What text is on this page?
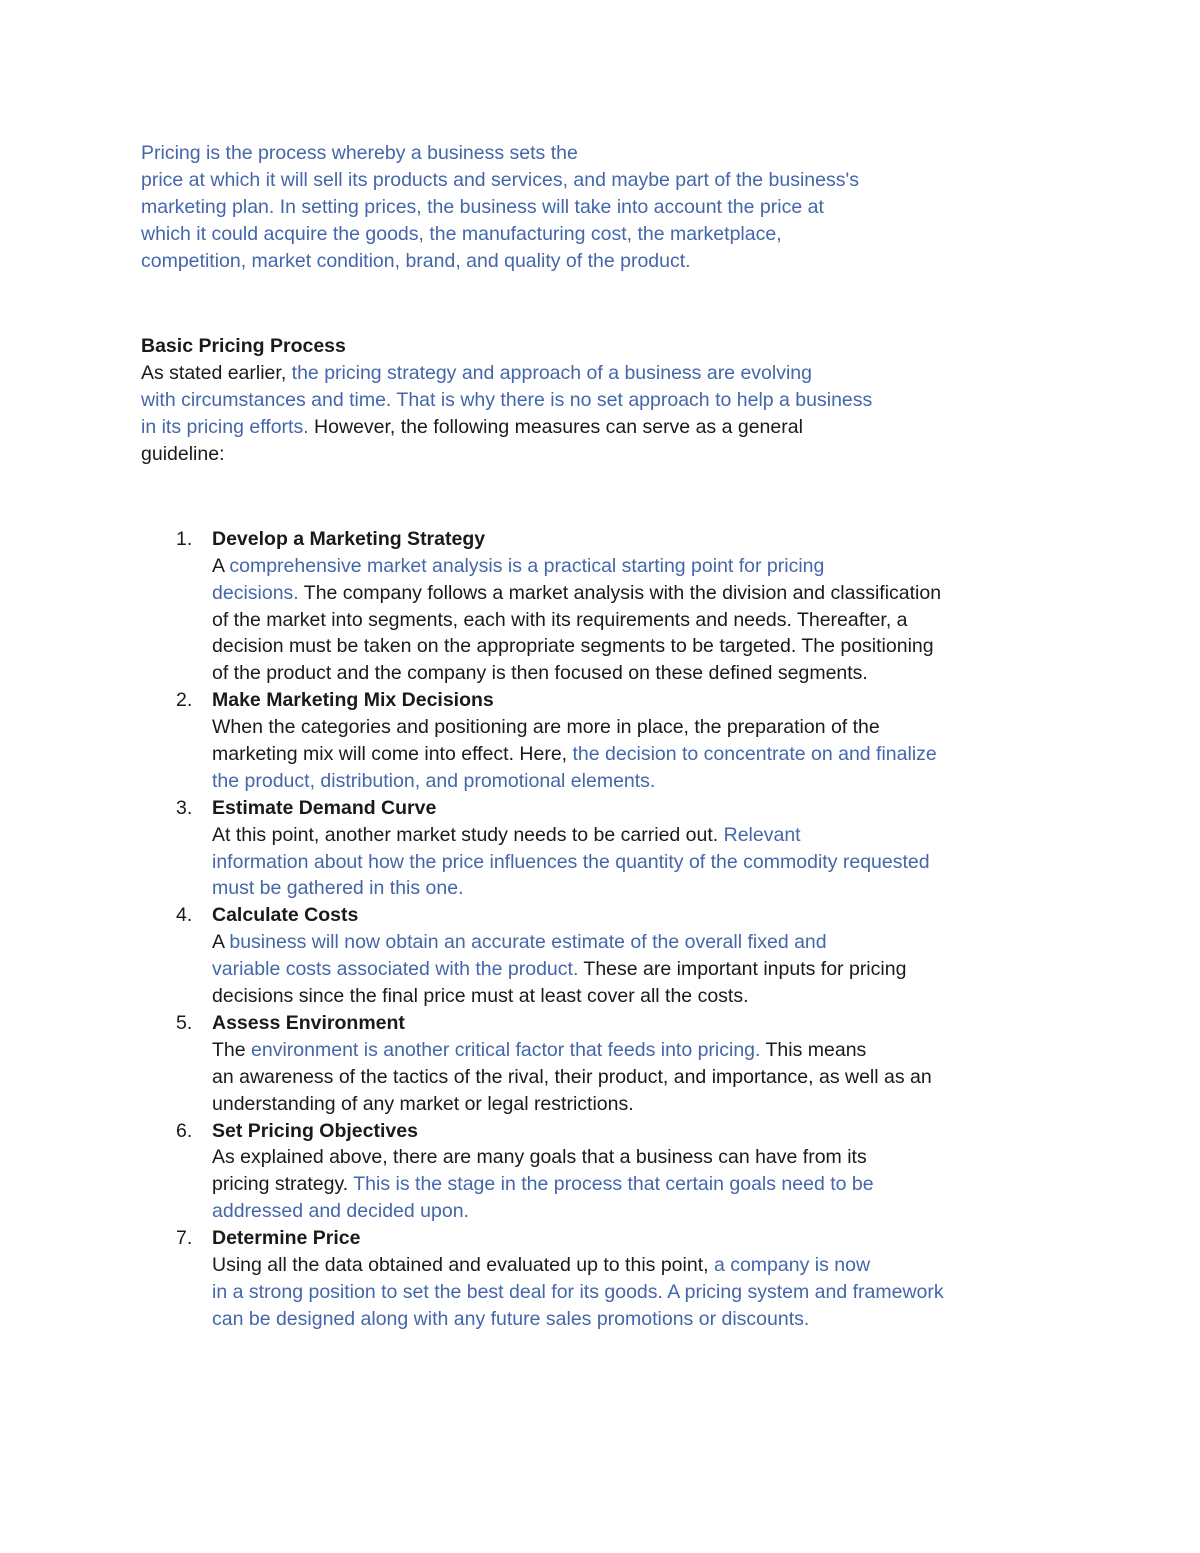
Pricing is the process whereby a business sets the
price at which it will sell its products and services, and maybe part of the business's
marketing plan. In setting prices, the business will take into account the price at
which it could acquire the goods, the manufacturing cost, the marketplace,
competition, market condition, brand, and quality of the product.
Basic Pricing Process
As stated earlier, the pricing strategy and approach of a business are evolving
with circumstances and time. That is why there is no set approach to help a business
in its pricing efforts. However, the following measures can serve as a general
guideline:
1. Develop a Marketing Strategy
A comprehensive market analysis is a practical starting point for pricing
decisions. The company follows a market analysis with the division and classification
of the market into segments, each with its requirements and needs. Thereafter, a
decision must be taken on the appropriate segments to be targeted. The positioning
of the product and the company is then focused on these defined segments.
2. Make Marketing Mix Decisions
When the categories and positioning are more in place, the preparation of the
marketing mix will come into effect. Here, the decision to concentrate on and finalize
the product, distribution, and promotional elements.
3. Estimate Demand Curve
At this point, another market study needs to be carried out. Relevant
information about how the price influences the quantity of the commodity requested
must be gathered in this one.
4. Calculate Costs
A business will now obtain an accurate estimate of the overall fixed and
variable costs associated with the product. These are important inputs for pricing
decisions since the final price must at least cover all the costs.
5. Assess Environment
The environment is another critical factor that feeds into pricing. This means
an awareness of the tactics of the rival, their product, and importance, as well as an
understanding of any market or legal restrictions.
6. Set Pricing Objectives
As explained above, there are many goals that a business can have from its
pricing strategy. This is the stage in the process that certain goals need to be
addressed and decided upon.
7. Determine Price
Using all the data obtained and evaluated up to this point, a company is now
in a strong position to set the best deal for its goods. A pricing system and framework
can be designed along with any future sales promotions or discounts.
